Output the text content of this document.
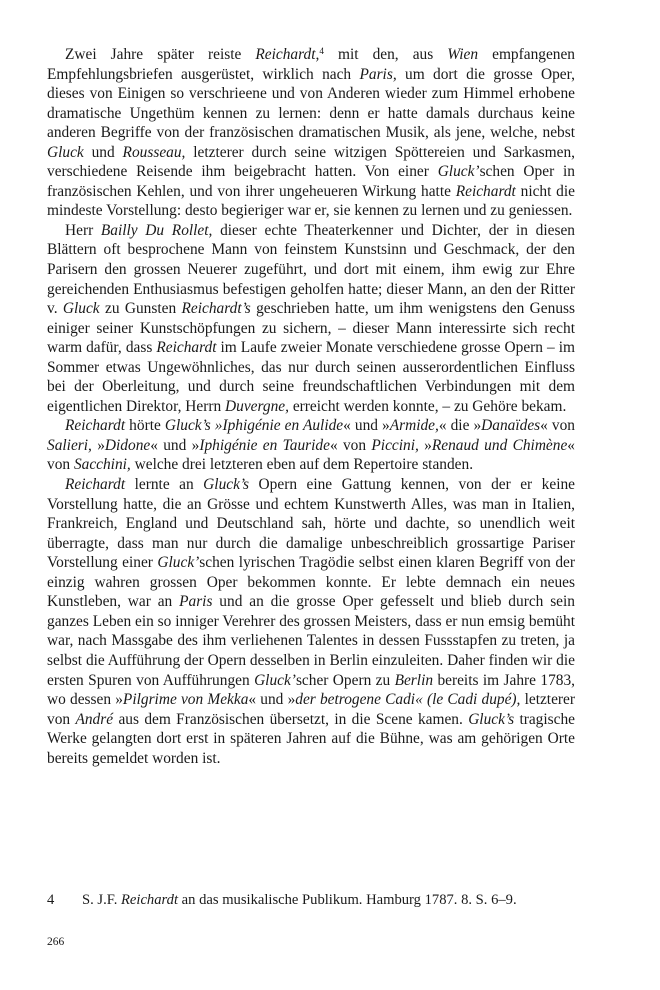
Zwei Jahre später reiste Reichardt,$^4$ mit den, aus Wien empfangenen Empfehlungsbriefen ausgerüstet, wirklich nach Paris, um dort die grosse Oper, dieses von Einigen so verschrieene und von Anderen wieder zum Himmel erhobene dramatische Ungethüm kennen zu lernen: denn er hatte damals durchaus keine anderen Begriffe von der französischen dramatischen Musik, als jene, welche, nebst Gluck und Rousseau, letzterer durch seine witzigen Spöttereien und Sarkasmen, verschiedene Reisende ihm beigebracht hatten. Von einer Gluck’schen Oper in französischen Kehlen, und von ihrer ungeheueren Wirkung hatte Reichardt nicht die mindeste Vorstellung: desto begieriger war er, sie kennen zu lernen und zu geniessen.

Herr Bailly Du Rollet, dieser echte Theaterkenner und Dichter, der in diesen Blättern oft besprochene Mann von feinstem Kunstsinn und Geschmack, der den Parisern den grossen Neuerer zugeführt, und dort mit einem, ihm ewig zur Ehre gereichenden Enthusiasmus befestigen geholfen hatte; dieser Mann, an den der Ritter v. Gluck zu Gunsten Reichardt’s geschrieben hatte, um ihm wenigstens den Genuss einiger seiner Kunstschöpfungen zu sichern, – dieser Mann interessirte sich recht warm dafür, dass Reichardt im Laufe zweier Monate verschiedene grosse Opern – im Sommer etwas Ungewöhnliches, das nur durch seinen ausserordentlichen Einfluss bei der Oberleitung, und durch seine freundschaftlichen Verbindungen mit dem eigentlichen Direktor, Herrn Duvergne, erreicht werden konnte, – zu Gehöre bekam.

Reichardt hörte Gluck’s »Iphigénie en Aulide« und »Armide,« die »Danaïdes« von Salieri, »Didone« und »Iphigénie en Tauride« von Piccini, »Renaud und Chimène« von Sacchini, welche drei letzteren eben auf dem Repertoire standen.

Reichardt lernte an Gluck’s Opern eine Gattung kennen, von der er keine Vorstellung hatte, die an Grösse und echtem Kunstwerth Alles, was man in Italien, Frankreich, England und Deutschland sah, hörte und dachte, so unendlich weit überragte, dass man nur durch die damalige unbeschreiblich grossartige Pariser Vorstellung einer Gluck’schen lyrischen Tragödie selbst einen klaren Begriff von der einzig wahren grossen Oper bekommen konnte. Er lebte demnach ein neues Kunstleben, war an Paris und an die grosse Oper gefesselt und blieb durch sein ganzes Leben ein so inniger Verehrer des grossen Meisters, dass er nun emsig bemüht war, nach Massgabe des ihm verliehenen Talentes in dessen Fussstapfen zu treten, ja selbst die Aufführung der Opern desselben in Berlin einzuleiten. Daher finden wir die ersten Spuren von Aufführungen Gluck’scher Opern zu Berlin bereits im Jahre 1783, wo dessen »Pilgrime von Mekka« und »der betrogene Cadi« (le Cadi dupé), letzterer von André aus dem Französischen übersetzt, in die Scene kamen. Gluck’s tragische Werke gelangten dort erst in späteren Jahren auf die Bühne, was am gehörigen Orte bereits gemeldet worden ist.

4 S. J.F. Reichardt an das musikalische Publikum. Hamburg 1787. 8. S. 6–9.
266
